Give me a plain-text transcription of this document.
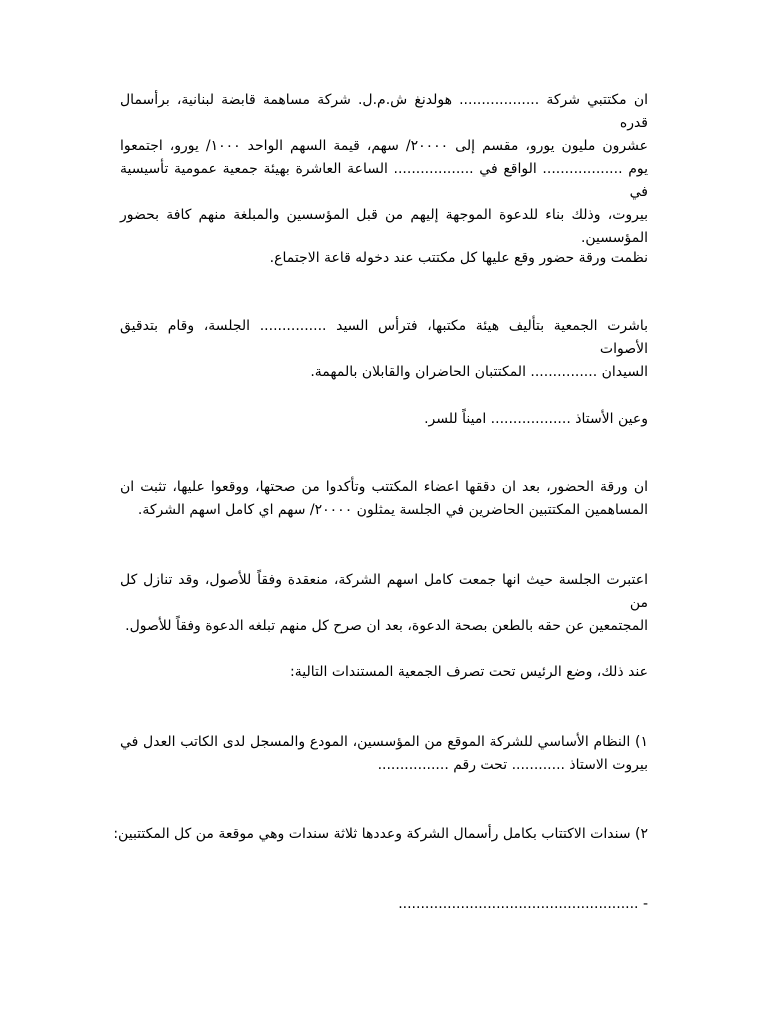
ان مكتتبي شركة .................. هولدنغ ش.م.ل. شركة مساهمة قابضة لبنانية، برأسمال قدره
عشرون مليون يورو، مقسم إلى ٢٠٠٠٠/ سهم، قيمة السهم الواحد ١٠٠٠/ يورو، اجتمعوا
يوم .................. الواقع في .................. الساعة العاشرة بهيئة جمعية عمومية تأسيسية في
بيروت، وذلك بناء للدعوة الموجهة إليهم من قبل المؤسسين والمبلغة منهم كافة بحضور
المؤسسين.

نظمت ورقة حضور وقع عليها كل مكتتب عند دخوله قاعة الاجتماع.

باشرت الجمعية بتأليف هيئة مكتبها، فترأس السيد ............... الجلسة، وقام بتدقيق الأصوات
السيدان ............... المكتتبان الحاضران والقابلان بالمهمة.

وعين الأستاذ .................. اميناً للسر.

ان ورقة الحضور، بعد ان دققها اعضاء المكتتب وتأكدوا من صحتها، ووقعوا عليها، تثبت ان
المساهمين المكتتبين الحاضرين في الجلسة يمثلون ٢٠٠٠٠/ سهم اي كامل اسهم الشركة.

اعتبرت الجلسة حيث انها جمعت كامل اسهم الشركة، منعقدة وفقاً للأصول، وقد تنازل كل من
المجتمعين عن حقه بالطعن بصحة الدعوة، بعد ان صرح كل منهم تبلغه الدعوة وفقاً للأصول.

عند ذلك، وضع الرئيس تحت تصرف الجمعية المستندات التالية:

١) النظام الأساسي للشركة الموقع من المؤسسين، المودع والمسجل لدى الكاتب العدل في
بيروت الاستاذ ............ تحت رقم ................

٢) سندات الاكتتاب بكامل رأسمال الشركة وعددها ثلاثة سندات وهي موقعة من كل المكتتبين:

- ......................................................
